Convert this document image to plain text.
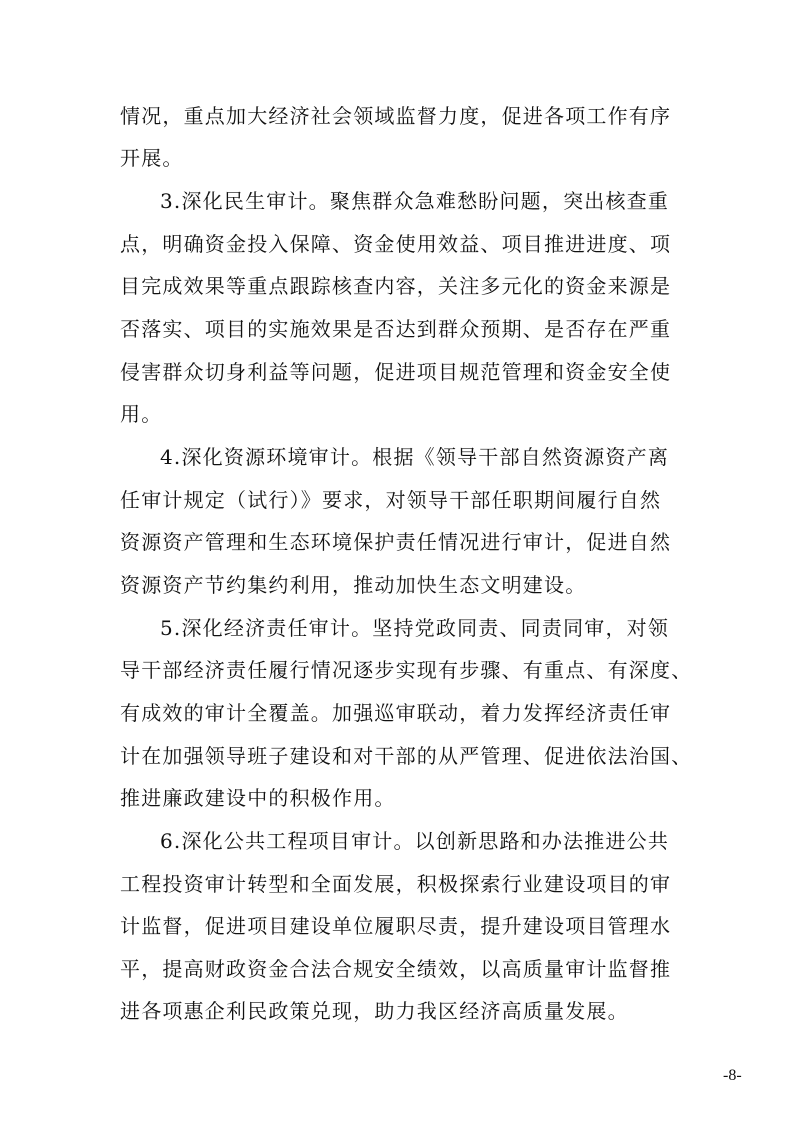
情况，重点加大经济社会领域监督力度，促进各项工作有序
开展。
3.深化民生审计。聚焦群众急难愁盼问题，突出核查重
点，明确资金投入保障、资金使用效益、项目推进进度、项
目完成效果等重点跟踪核查内容，关注多元化的资金来源是
否落实、项目的实施效果是否达到群众预期、是否存在严重
侵害群众切身利益等问题，促进项目规范管理和资金安全使
用。
4.深化资源环境审计。根据《领导干部自然资源资产离
任审计规定（试行）》要求，对领导干部任职期间履行自然
资源资产管理和生态环境保护责任情况进行审计，促进自然
资源资产节约集约利用，推动加快生态文明建设。
5.深化经济责任审计。坚持党政同责、同责同审，对领
导干部经济责任履行情况逐步实现有步骤、有重点、有深度、
有成效的审计全覆盖。加强巡审联动，着力发挥经济责任审
计在加强领导班子建设和对干部的从严管理、促进依法治国、
推进廉政建设中的积极作用。
6.深化公共工程项目审计。以创新思路和办法推进公共
工程投资审计转型和全面发展，积极探索行业建设项目的审
计监督，促进项目建设单位履职尽责，提升建设项目管理水
平，提高财政资金合法合规安全绩效，以高质量审计监督推
进各项惠企利民政策兑现，助力我区经济高质量发展。
-8-
